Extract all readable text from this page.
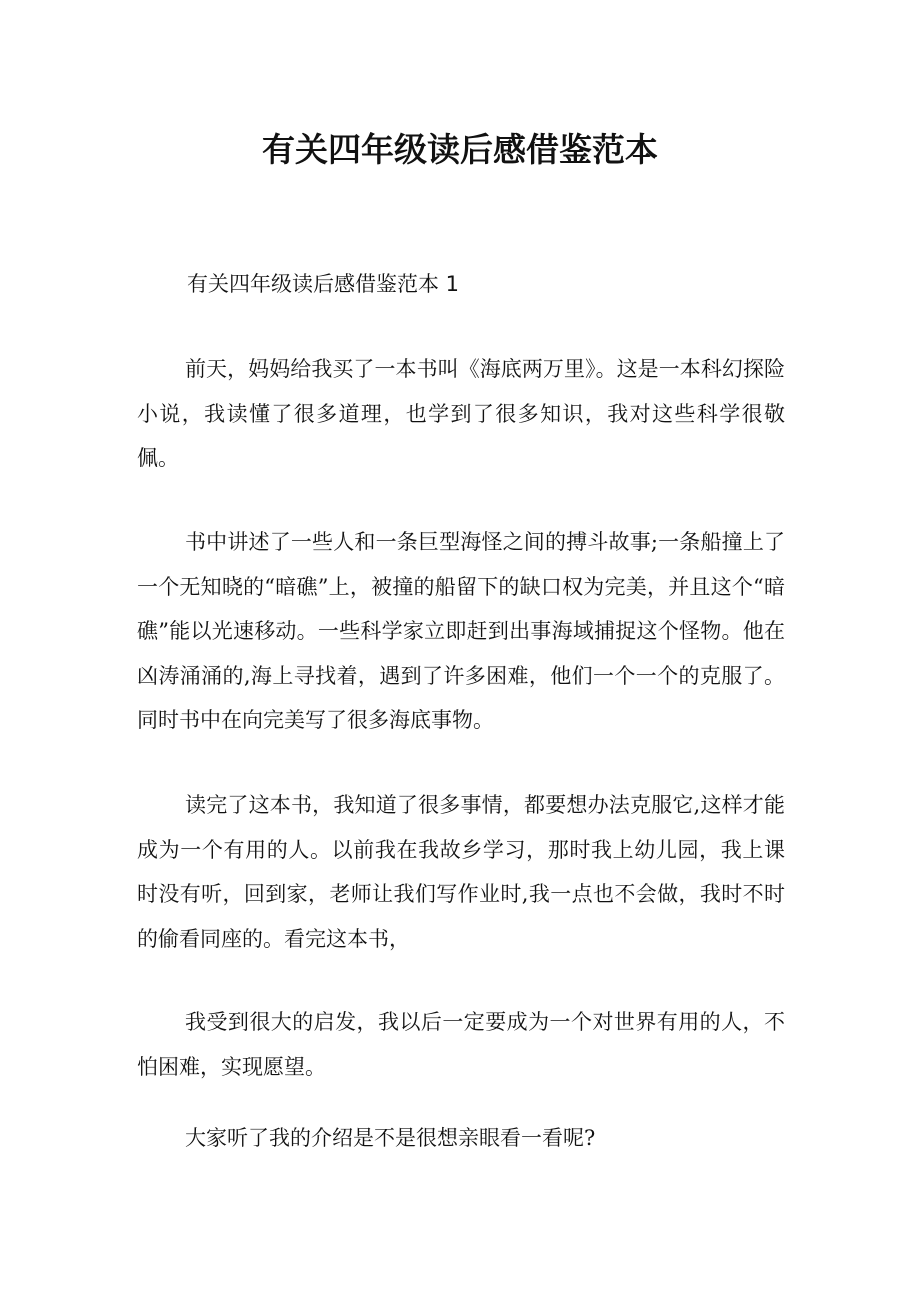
有关四年级读后感借鉴范本

有关四年级读后感借鉴范本 1

前天，妈妈给我买了一本书叫《海底两万里》。这是一本科幻探险小说，我读懂了很多道理，也学到了很多知识，我对这些科学很敬佩。

书中讲述了一些人和一条巨型海怪之间的搏斗故事;一条船撞上了一个无知晓的“暗礁”上，被撞的船留下的缺口权为完美，并且这个“暗礁”能以光速移动。一些科学家立即赶到出事海域捕捉这个怪物。他在凶涛涌涌的,海上寻找着，遇到了许多困难，他们一个一个的克服了。同时书中在向完美写了很多海底事物。

读完了这本书，我知道了很多事情，都要想办法克服它,这样才能成为一个有用的人。以前我在我故乡学习，那时我上幼儿园，我上课时没有听，回到家，老师让我们写作业时,我一点也不会做，我时不时的偷看同座的。看完这本书，

我受到很大的启发，我以后一定要成为一个对世界有用的人，不怕困难，实现愿望。

大家听了我的介绍是不是很想亲眼看一看呢?
